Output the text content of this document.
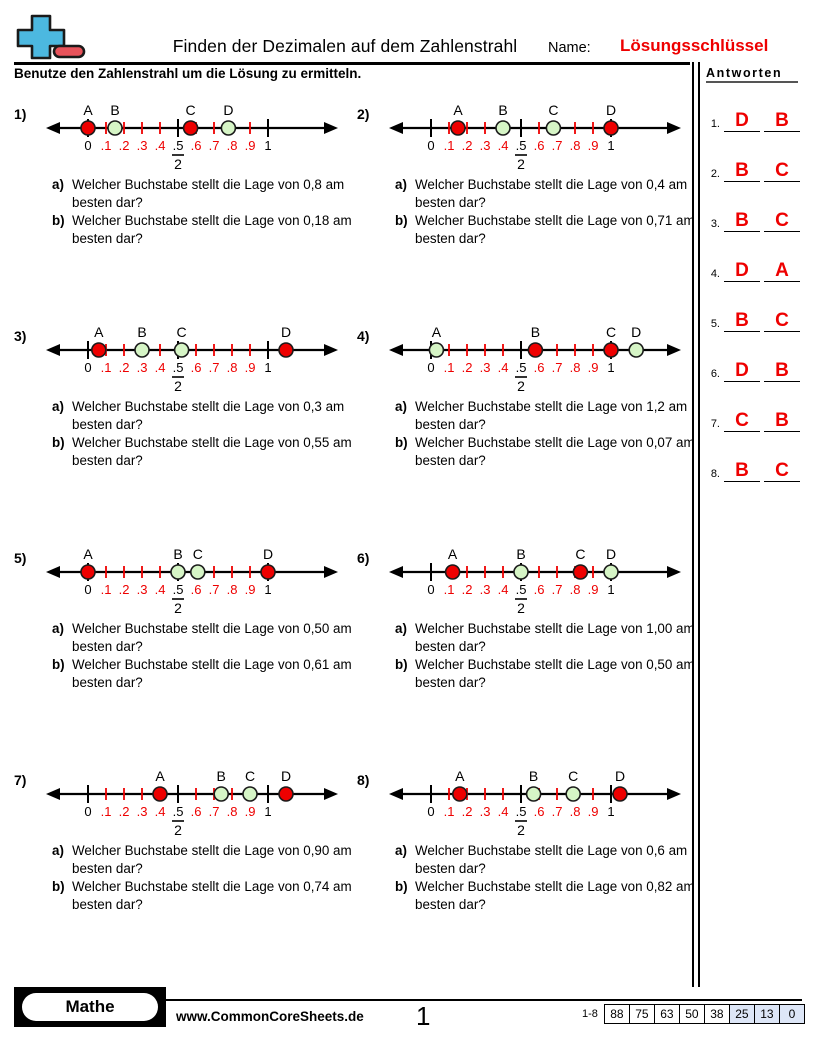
Finden der Dezimalen auf dem Zahlenstrahl	Name: Lösungsschlüssel
Benutze den Zahlenstrahl um die Lösung zu ermitteln.	Antworten
1. D	B
2. B	C
3. B	C
4. D	A
5. B	C
6. D	B
7. C	B
8. B	C
1)
0 .1 .2 .3 .4 .5 .6 .7 .8 .9 1
2
A B	C D
a) Welcher Buchstabe stellt die Lage von 0,8 am besten dar?
b) Welcher Buchstabe stellt die Lage von 0,18 am besten dar?
2)
0 .1 .2 .3 .4 .5 .6 .7 .8 .9 1
2
A	B	C	D
a) Welcher Buchstabe stellt die Lage von 0,4 am besten dar?
b) Welcher Buchstabe stellt die Lage von 0,71 am besten dar?
3)
0 .1 .2 .3 .4 .5 .6 .7 .8 .9 1
2
A B C	D
a) Welcher Buchstabe stellt die Lage von 0,3 am besten dar?
b) Welcher Buchstabe stellt die Lage von 0,55 am besten dar?
4)
0 .1 .2 .3 .4 .5 .6 .7 .8 .9 1
2
A	B	C D
a) Welcher Buchstabe stellt die Lage von 1,2 am besten dar?
b) Welcher Buchstabe stellt die Lage von 0,07 am besten dar?
5)
0 .1 .2 .3 .4 .5 .6 .7 .8 .9 1
2
A	B C	D
a) Welcher Buchstabe stellt die Lage von 0,50 am besten dar?
b) Welcher Buchstabe stellt die Lage von 0,61 am besten dar?
6)
0 .1 .2 .3 .4 .5 .6 .7 .8 .9 1
2
A	B	C D
a) Welcher Buchstabe stellt die Lage von 1,00 am besten dar?
b) Welcher Buchstabe stellt die Lage von 0,50 am besten dar?
7)
0 .1 .2 .3 .4 .5 .6 .7 .8 .9 1
2
A	B C D
a) Welcher Buchstabe stellt die Lage von 0,90 am besten dar?
b) Welcher Buchstabe stellt die Lage von 0,74 am besten dar?
8)
0 .1 .2 .3 .4 .5 .6 .7 .8 .9 1
2
A	B C	D
a) Welcher Buchstabe stellt die Lage von 0,6 am besten dar?
b) Welcher Buchstabe stellt die Lage von 0,82 am besten dar?
Mathe
www.CommonCoreSheets.de 1	1-8	88 75 63 50 38 25 13	0
